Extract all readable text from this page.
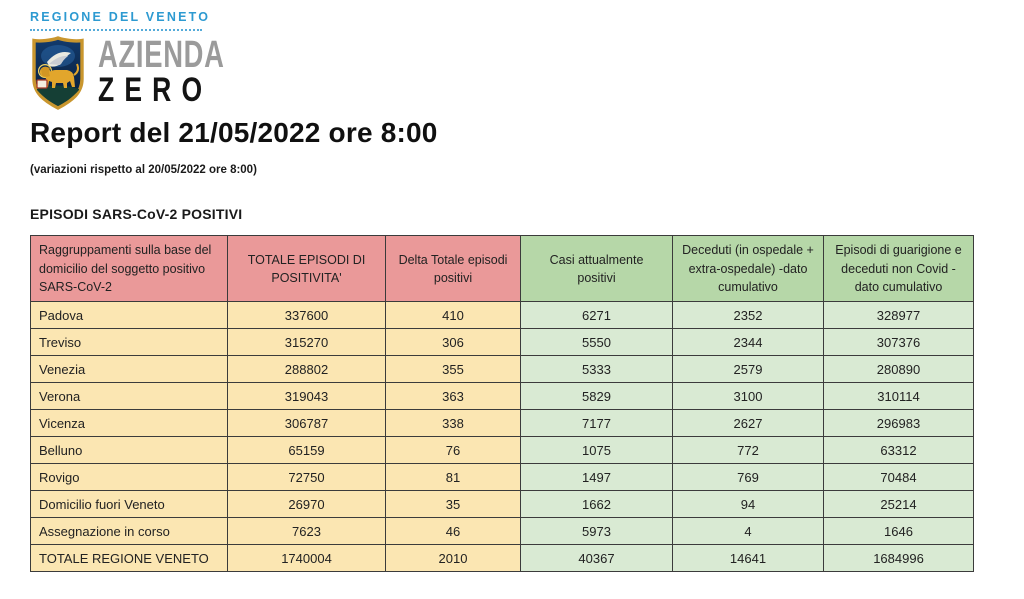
REGIONE DEL VENETO
AZIENDA
ZERO
Report del 21/05/2022 ore 8:00
(variazioni rispetto al 20/05/2022 ore 8:00)
EPISODI SARS-CoV-2 POSITIVI
Raggruppamenti sulla base del domicilio del soggetto positivo SARS-CoV-2	TOTALE EPISODI DI POSITIVITA'	Delta Totale episodi positivi	Casi attualmente positivi	Deceduti (in ospedale + extra-ospedale) -dato cumulativo	Episodi di guarigione e deceduti non Covid - dato cumulativo
Padova	337600	410	6271	2352	328977
Treviso	315270	306	5550	2344	307376
Venezia	288802	355	5333	2579	280890
Verona	319043	363	5829	3100	310114
Vicenza	306787	338	7177	2627	296983
Belluno	65159	76	1075	772	63312
Rovigo	72750	81	1497	769	70484
Domicilio fuori Veneto	26970	35	1662	94	25214
Assegnazione in corso	7623	46	5973	4	1646
TOTALE REGIONE VENETO	1740004	2010	40367	14641	1684996
